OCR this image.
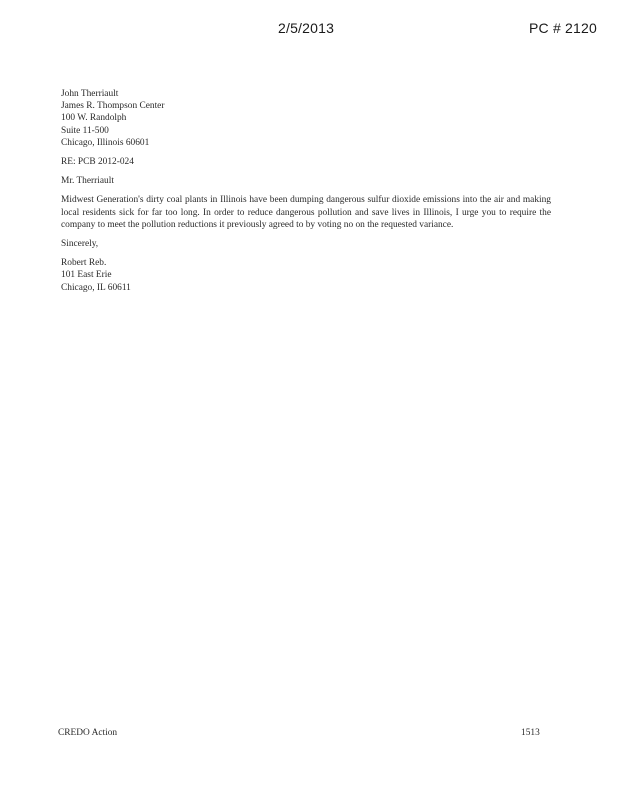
2/5/2013	PC # 2120
John Therriault
James R. Thompson Center
100 W. Randolph
Suite 11-500
Chicago, Illinois 60601
RE: PCB 2012-024
Mr. Therriault
Midwest Generation's dirty coal plants in Illinois have been dumping dangerous sulfur dioxide emissions into the air and making local residents sick for far too long. In order to reduce dangerous pollution and save lives in Illinois, I urge you to require the company to meet the pollution reductions it previously agreed to by voting no on the requested variance.
Sincerely,
Robert Reb.
101 East Erie
Chicago, IL 60611
CREDO Action	1513
